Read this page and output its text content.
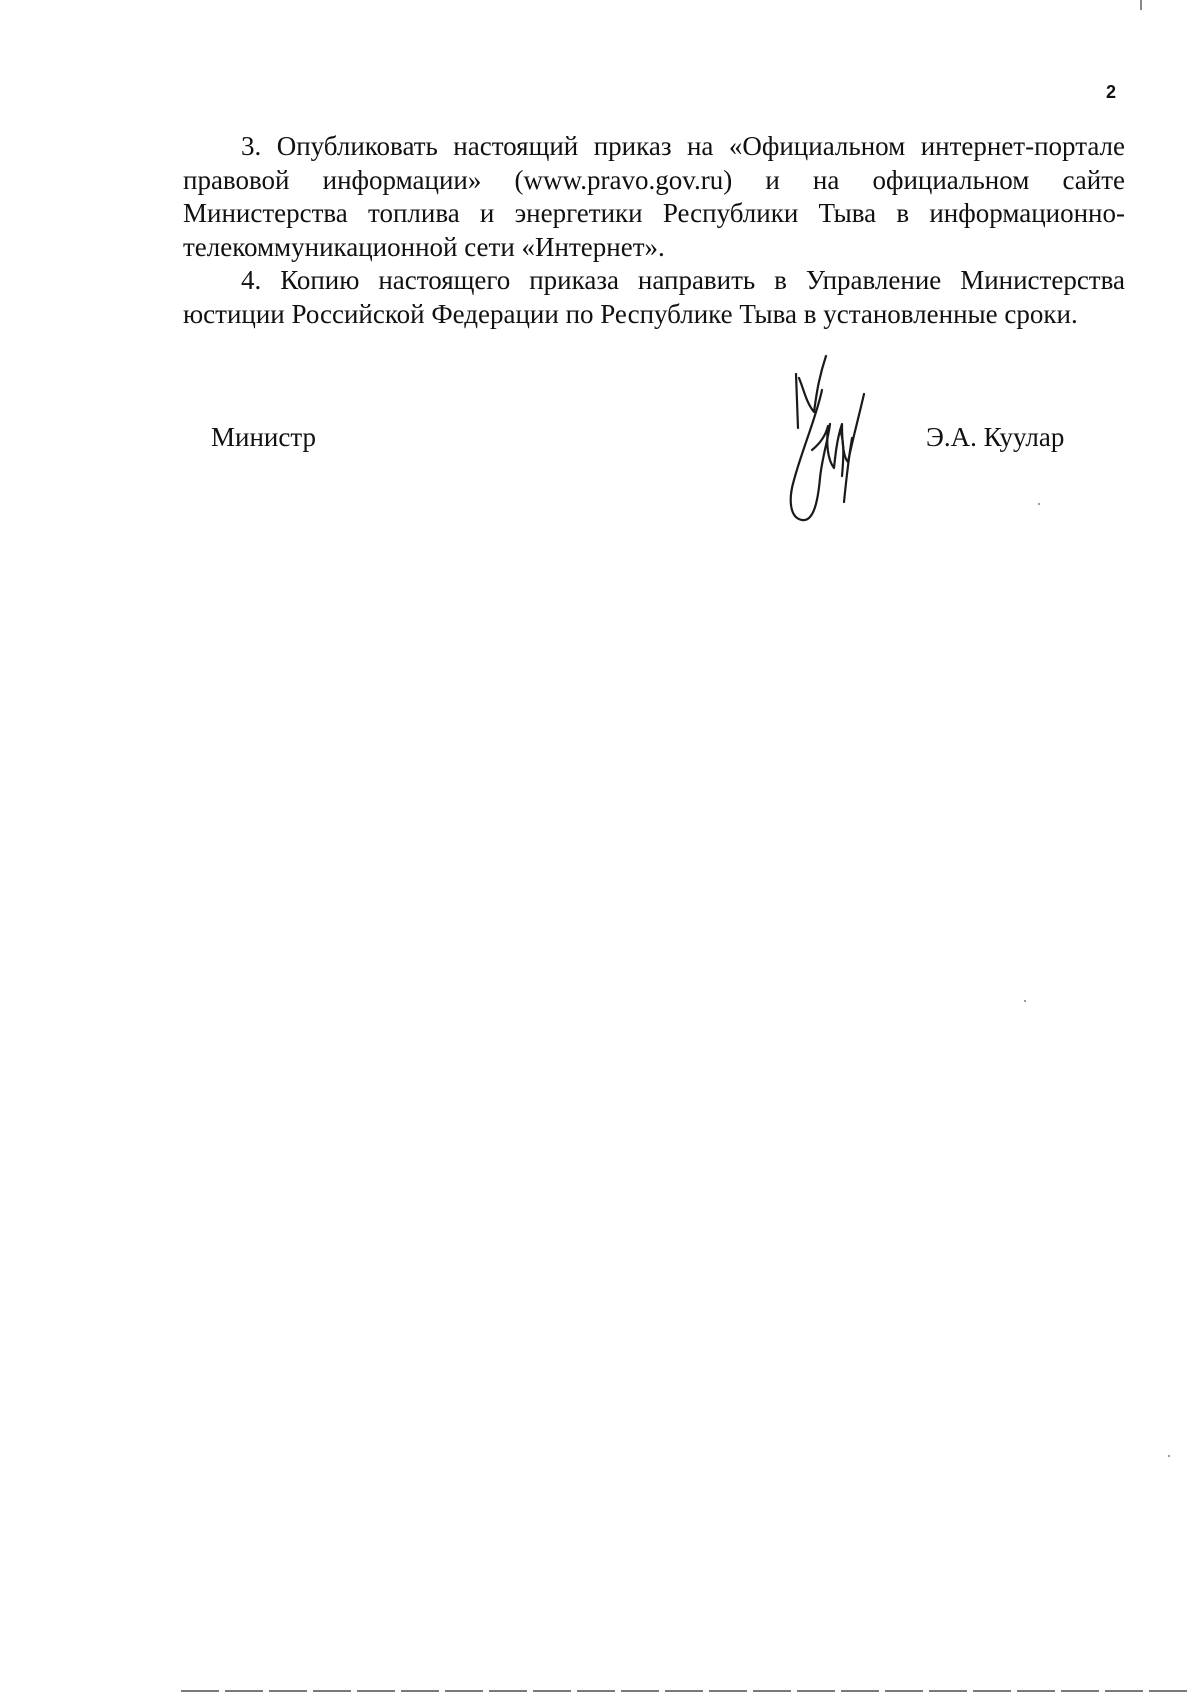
2

3. Опубликовать настоящий приказ на «Официальном интернет-портале правовой информации» (www.pravo.gov.ru) и на официальном сайте Министерства топлива и энергетики Республики Тыва в информационно-телекоммуникационной сети «Интернет».

4. Копию настоящего приказа направить в Управление Министерства юстиции Российской Федерации по Республике Тыва в установленные сроки.

Министр	Э.А. Куулар
